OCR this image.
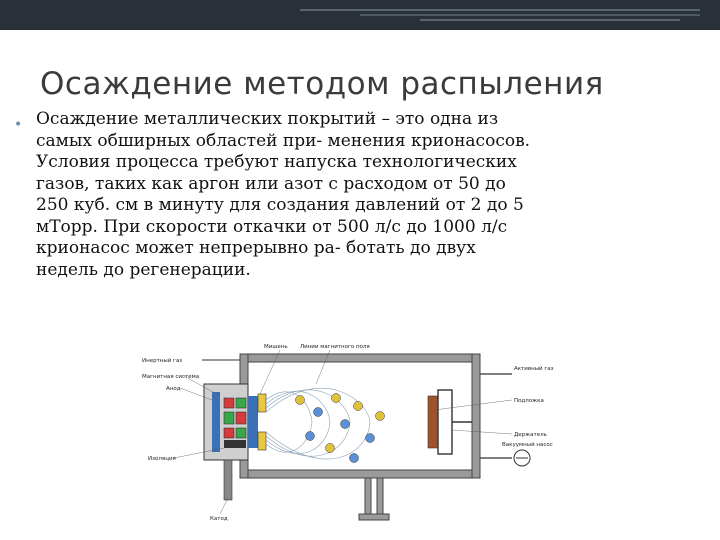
Осаждение методом распыления
• Осаждение металлических покрытий – это одна из
самых обширных областей при- менения крионасосов.
Условия процесса требуют напуска технологических
газов, таких как аргон или азот с расходом от 50 до
250 куб. см в минуту для создания давлений от 2 до 5
мТорр. При скорости откачки от 500 л/с до 1000 л/с
крионасос может непрерывно ра- ботать до двух
недель до регенерации.
Инертный газ
Магнитная система
Анод
Изоляция
Катод
Мишень Линии магнитного поля
Активный газ
Подложка
Держатель
Вакуумный насос
